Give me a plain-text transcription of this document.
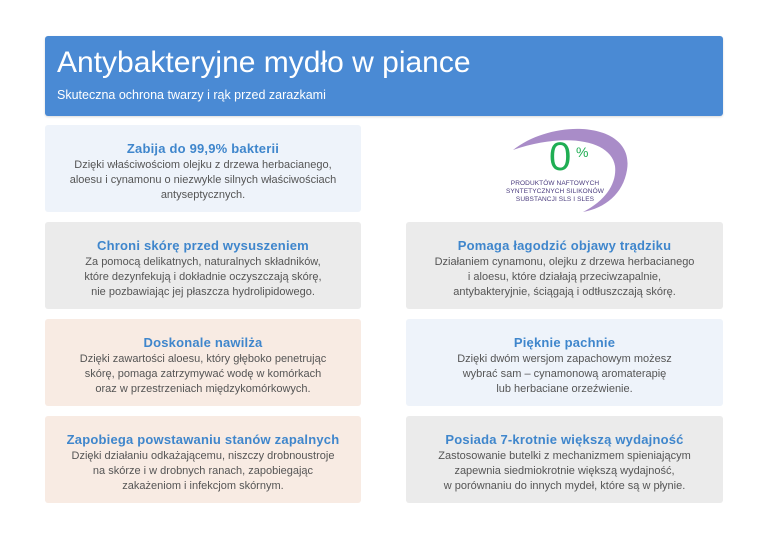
Antybakteryjne mydło w piance
Skuteczna ochrona twarzy i rąk przed zarazkami
Zabija do 99,9% bakterii
Dzięki właściwościom olejku z drzewa herbacianego,
aloesu i cynamonu o niezwykle silnych właściwościach
antyseptycznych.
0 %
PRODUKTÓW NAFTOWYCH
SYNTETYCZNYCH SILIKONÓW
SUBSTANCJI SLS I SLES
Chroni skórę przed wysuszeniem
Za pomocą delikatnych, naturalnych składników,
które dezynfekują i dokładnie oczyszczają skórę,
nie pozbawiając jej płaszcza hydrolipidowego.
Pomaga łagodzić objawy trądziku
Działaniem cynamonu, olejku z drzewa herbacianego
i aloesu, które działają przeciwzapalnie,
antybakteryjnie, ściągają i odtłuszczają skórę.
Doskonale nawilża
Dzięki zawartości aloesu, który głęboko penetrując
skórę, pomaga zatrzymywać wodę w komórkach
oraz w przestrzeniach międzykomórkowych.
Pięknie pachnie
Dzięki dwóm wersjom zapachowym możesz
wybrać sam – cynamonową aromaterapię
lub herbaciane orzeźwienie.
Zapobiega powstawaniu stanów zapalnych
Dzięki działaniu odkażającemu, niszczy drobnoustroje
na skórze i w drobnych ranach, zapobiegając
zakażeniom i infekcjom skórnym.
Posiada 7-krotnie większą wydajność
Zastosowanie butelki z mechanizmem spieniającym
zapewnia siedmiokrotnie większą wydajność,
w porównaniu do innych mydeł, które są w płynie.
